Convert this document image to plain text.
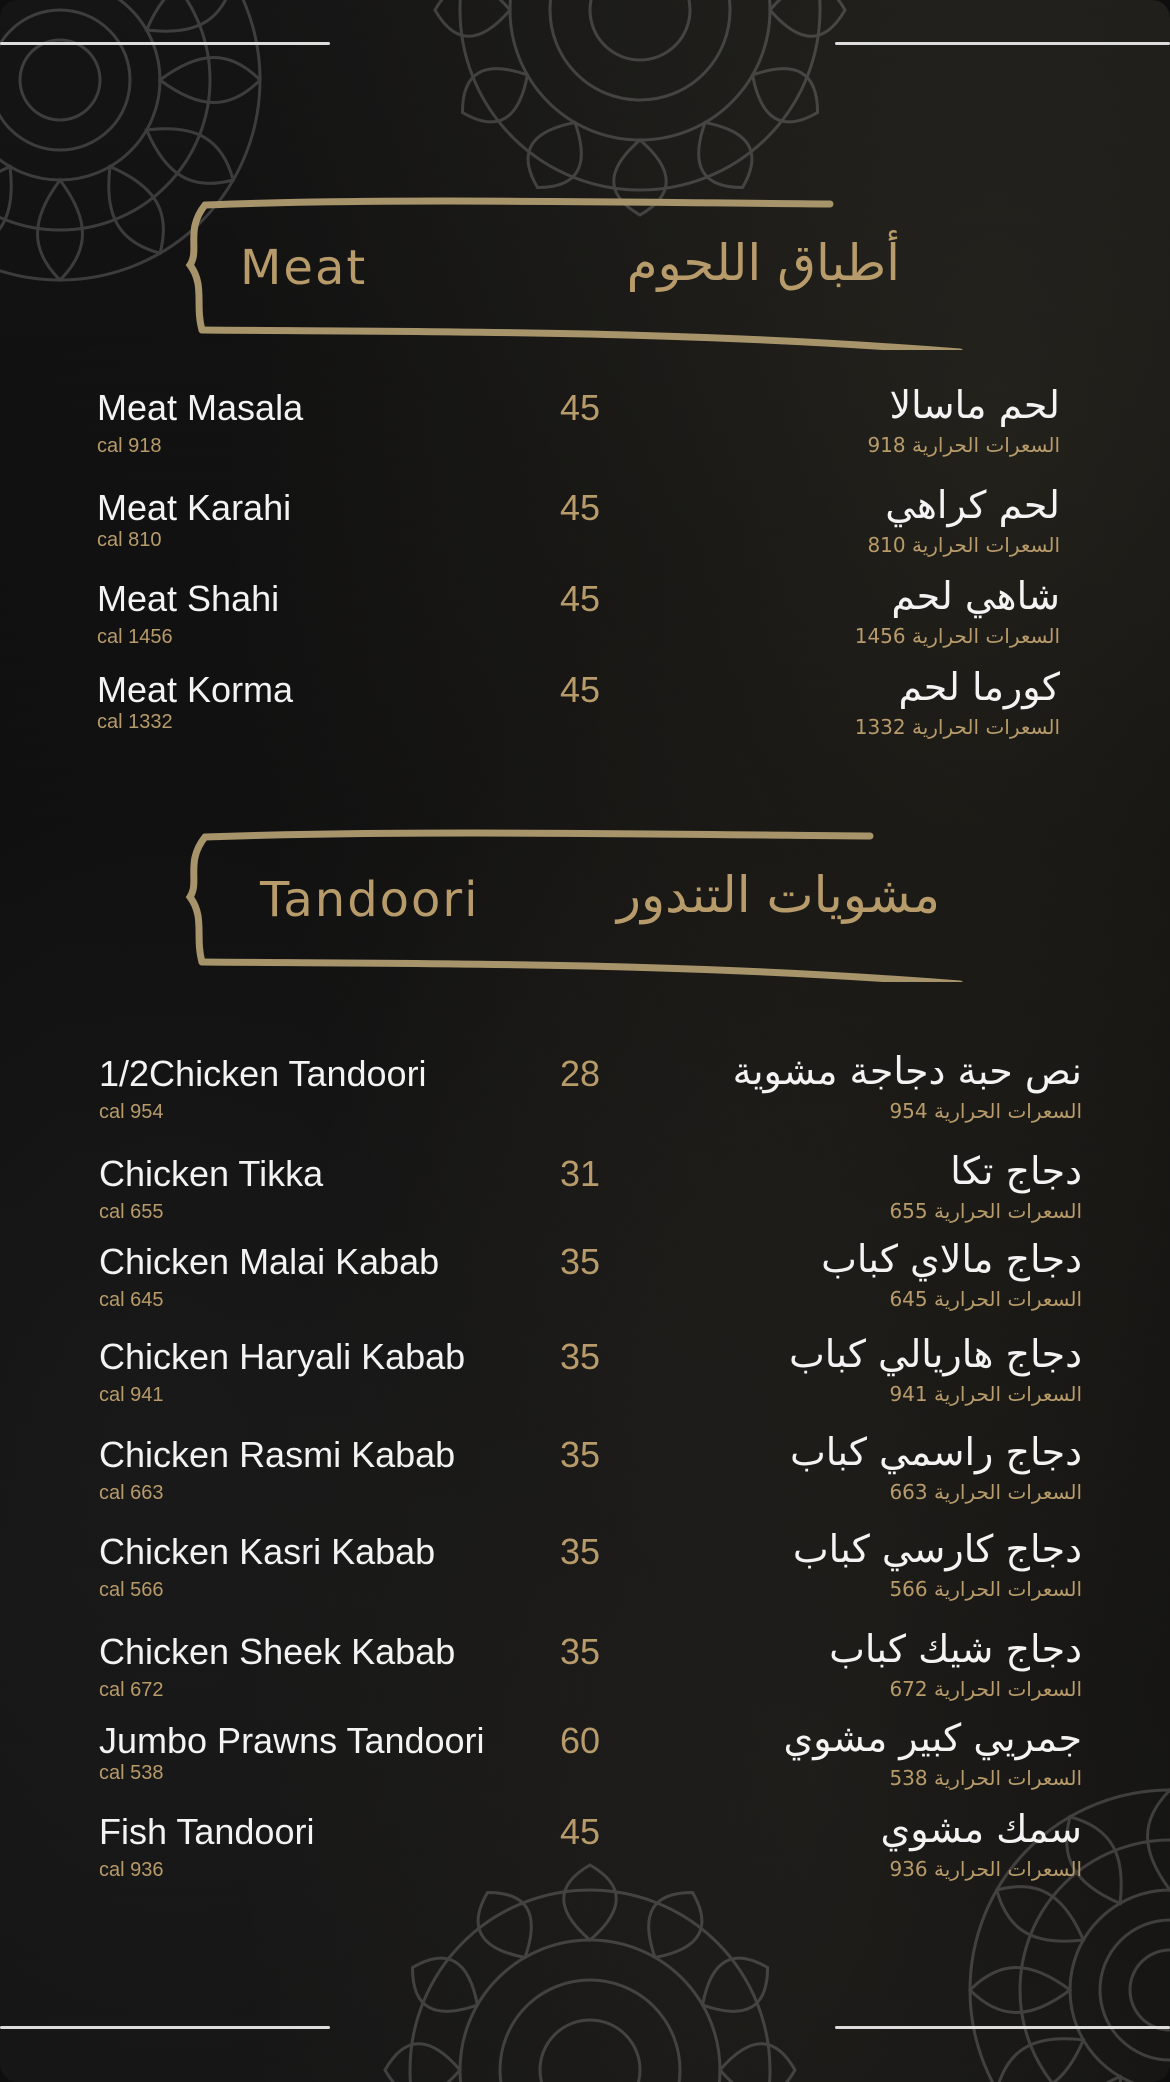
Meat	أطباق اللحوم
Meat Masala
cal 918
45	لحم ماسالا
السعرات الحرارية 918
Meat Karahi
cal 810
45	لحم كراهي
السعرات الحرارية 810
Meat Shahi
cal 1456
45	شاهي لحم
السعرات الحرارية 1456
Meat Korma
cal 1332
45	كورما لحم
السعرات الحرارية 1332
Tandoori	مشويات التندور
1/2Chicken Tandoori
cal 954
28	نص حبة دجاجة مشوية
السعرات الحرارية 954
Chicken Tikka
cal 655
31	دجاج تكا
السعرات الحرارية 655
Chicken Malai Kabab
cal 645
35	دجاج مالاي كباب
السعرات الحرارية 645
Chicken Haryali Kabab
cal 941
35	دجاج هاريالي كباب
السعرات الحرارية 941
Chicken Rasmi Kabab
cal 663
35	دجاج راسمي كباب
السعرات الحرارية 663
Chicken Kasri Kabab
cal 566
35	دجاج كارسي كباب
السعرات الحرارية 566
Chicken Sheek Kabab
cal 672
35	دجاج شيك كباب
السعرات الحرارية 672
Jumbo Prawns Tandoori
cal 538
60	جمريي كبير مشوي
السعرات الحرارية 538
Fish Tandoori
cal 936
45	سمك مشوي
السعرات الحرارية 936
